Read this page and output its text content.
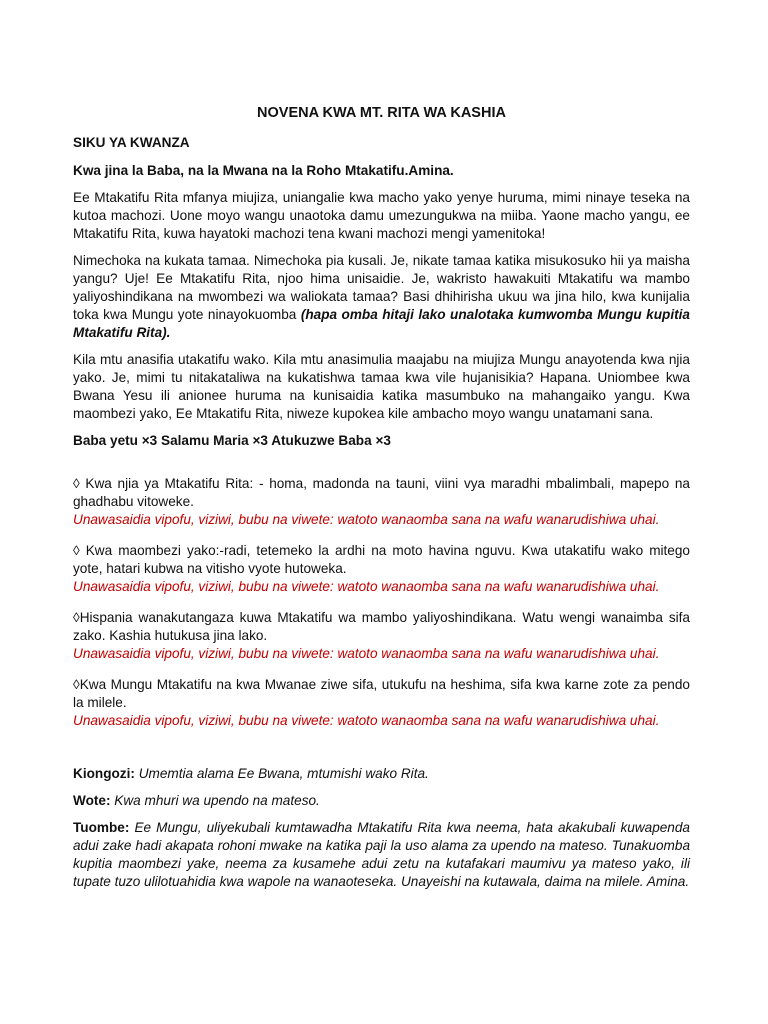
NOVENA KWA MT. RITA WA KASHIA
SIKU YA KWANZA

Kwa jina la Baba, na la Mwana na la Roho Mtakatifu.Amina.

Ee Mtakatifu Rita mfanya miujiza, uniangalie kwa macho yako yenye huruma, mimi ninaye teseka na kutoa machozi. Uone moyo wangu unaotoka damu umezungukwa na miiba. Yaone macho yangu, ee Mtakatifu Rita, kuwa hayatoki machozi tena kwani machozi mengi yamenitoka!

Nimechoka na kukata tamaa. Nimechoka pia kusali. Je, nikate tamaa katika misukosuko hii ya maisha yangu? Uje! Ee Mtakatifu Rita, njoo hima unisaidie. Je, wakristo hawakuiti Mtakatifu wa mambo yaliyoshindikana na mwombezi wa waliokata tamaa? Basi dhihirisha ukuu wa jina hilo, kwa kunijalia toka kwa Mungu yote ninayokuomba (hapa omba hitaji lako unalotaka kumwomba Mungu kupitia Mtakatifu Rita).

Kila mtu anasifia utakatifu wako. Kila mtu anasimulia maajabu na miujiza Mungu anayotenda kwa njia yako. Je, mimi tu nitakataliwa na kukatishwa tamaa kwa vile hujanisikia? Hapana. Uniombee kwa Bwana Yesu ili anionee huruma na kunisaidia katika masumbuko na mahangaiko yangu. Kwa maombezi yako, Ee Mtakatifu Rita, niweze kupokea kile ambacho moyo wangu unatamani sana.

Baba yetu ×3 Salamu Maria ×3 Atukuzwe Baba ×3

◊ Kwa njia ya Mtakatifu Rita: - homa, madonda na tauni, viini vya maradhi mbalimbali, mapepo na ghadhabu vitoweke.
Unawasaidia vipofu, viziwi, bubu na viwete: watoto wanaomba sana na wafu wanarudishiwa uhai.

◊ Kwa maombezi yako:-radi, tetemeko la ardhi na moto havina nguvu. Kwa utakatifu wako mitego yote, hatari kubwa na vitisho vyote hutoweka.
Unawasaidia vipofu, viziwi, bubu na viwete: watoto wanaomba sana na wafu wanarudishiwa uhai.

◊Hispania wanakutangaza kuwa Mtakatifu wa mambo yaliyoshindikana. Watu wengi wanaimba sifa zako. Kashia hutukusa jina lako.
Unawasaidia vipofu, viziwi, bubu na viwete: watoto wanaomba sana na wafu wanarudishiwa uhai.

◊Kwa Mungu Mtakatifu na kwa Mwanae ziwe sifa, utukufu na heshima, sifa kwa karne zote za pendo la milele.
Unawasaidia vipofu, viziwi, bubu na viwete: watoto wanaomba sana na wafu wanarudishiwa uhai.

Kiongozi: Umemtia alama Ee Bwana, mtumishi wako Rita.

Wote: Kwa mhuri wa upendo na mateso.

Tuombe: Ee Mungu, uliyekubali kumtawadha Mtakatifu Rita kwa neema, hata akakubali kuwapenda adui zake hadi akapata rohoni mwake na katika paji la uso alama za upendo na mateso. Tunakuomba kupitia maombezi yake, neema za kusamehe adui zetu na kutafakari maumivu ya mateso yako, ili tupate tuzo ulilotuahidia kwa wapole na wanaoteseka. Unayeishi na kutawala, daima na milele. Amina.
